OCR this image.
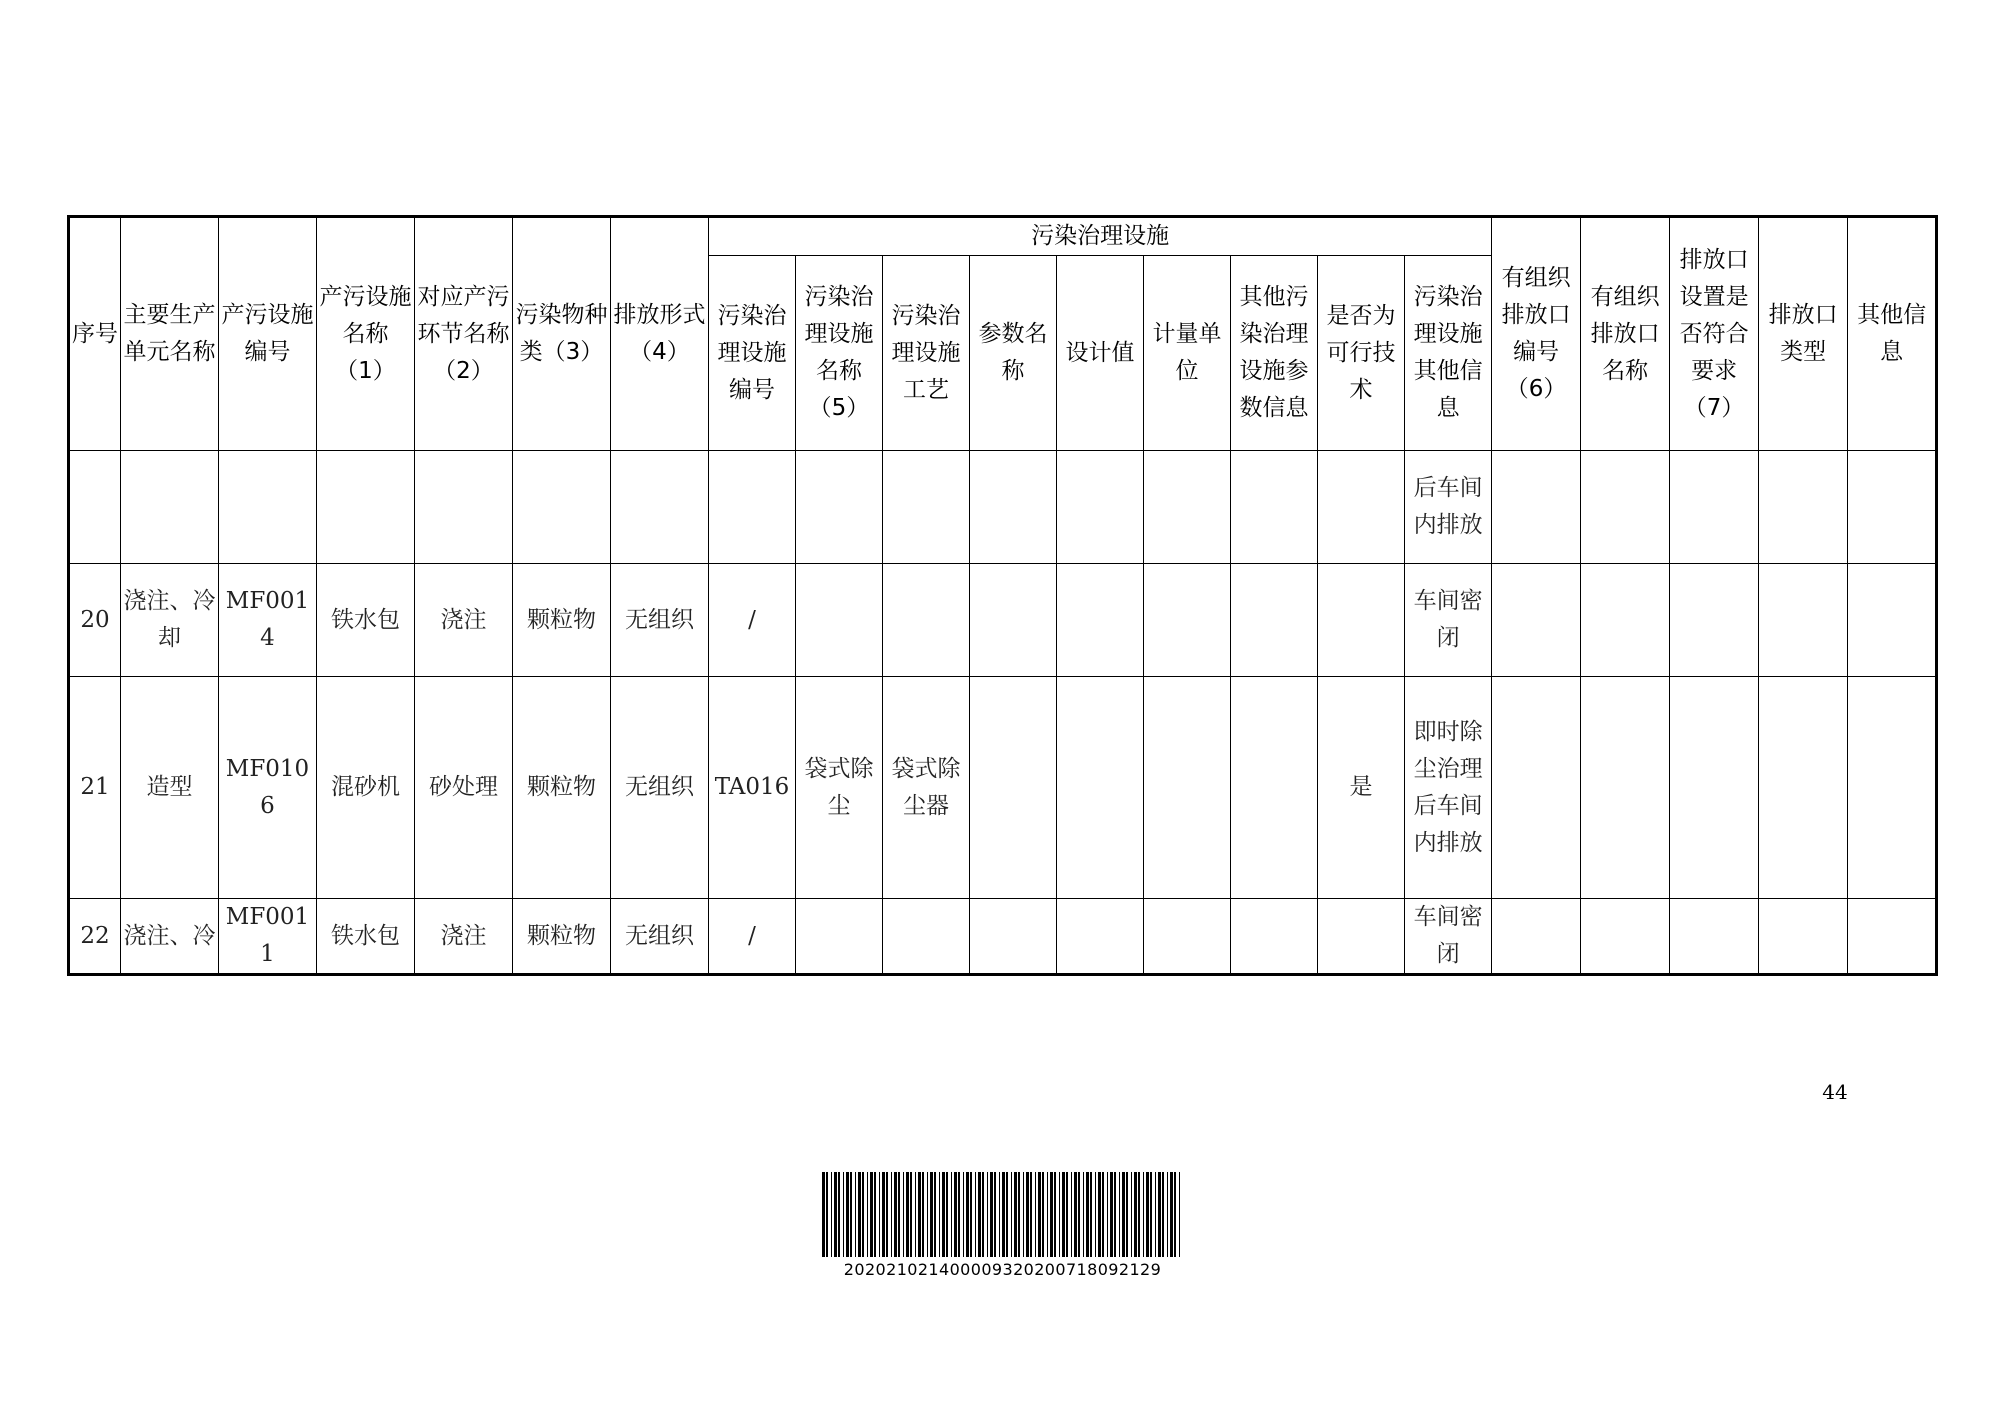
序号	主要生产单元名称	产污设施编号	产污设施名称（1）	对应产污环节名称（2）	污染物种类（3）	排放形式（4）	污染治理设施									有组织排放口编号（6）	有组织排放口名称	排放口设置是否符合要求（7）	排放口类型	其他信息
							污染治理设施编号	污染治理设施名称（5）	污染治理设施工艺	参数名称	设计值	计量单位	其他污染治理设施参数信息	是否为可行技术	污染治理设施其他信息					
															后车间内排放					
20	浇注、冷却	MF0014	铁水包	浇注	颗粒物	无组织	/								车间密闭					
21	造型	MF0106	混砂机	砂处理	颗粒物	无组织	TA016	袋式除尘	袋式除尘器					是	即时除尘治理后车间内排放					
22	浇注、冷	MF0011	铁水包	浇注	颗粒物	无组织	/								车间密闭					
44
20202102140000932020071809212​9
